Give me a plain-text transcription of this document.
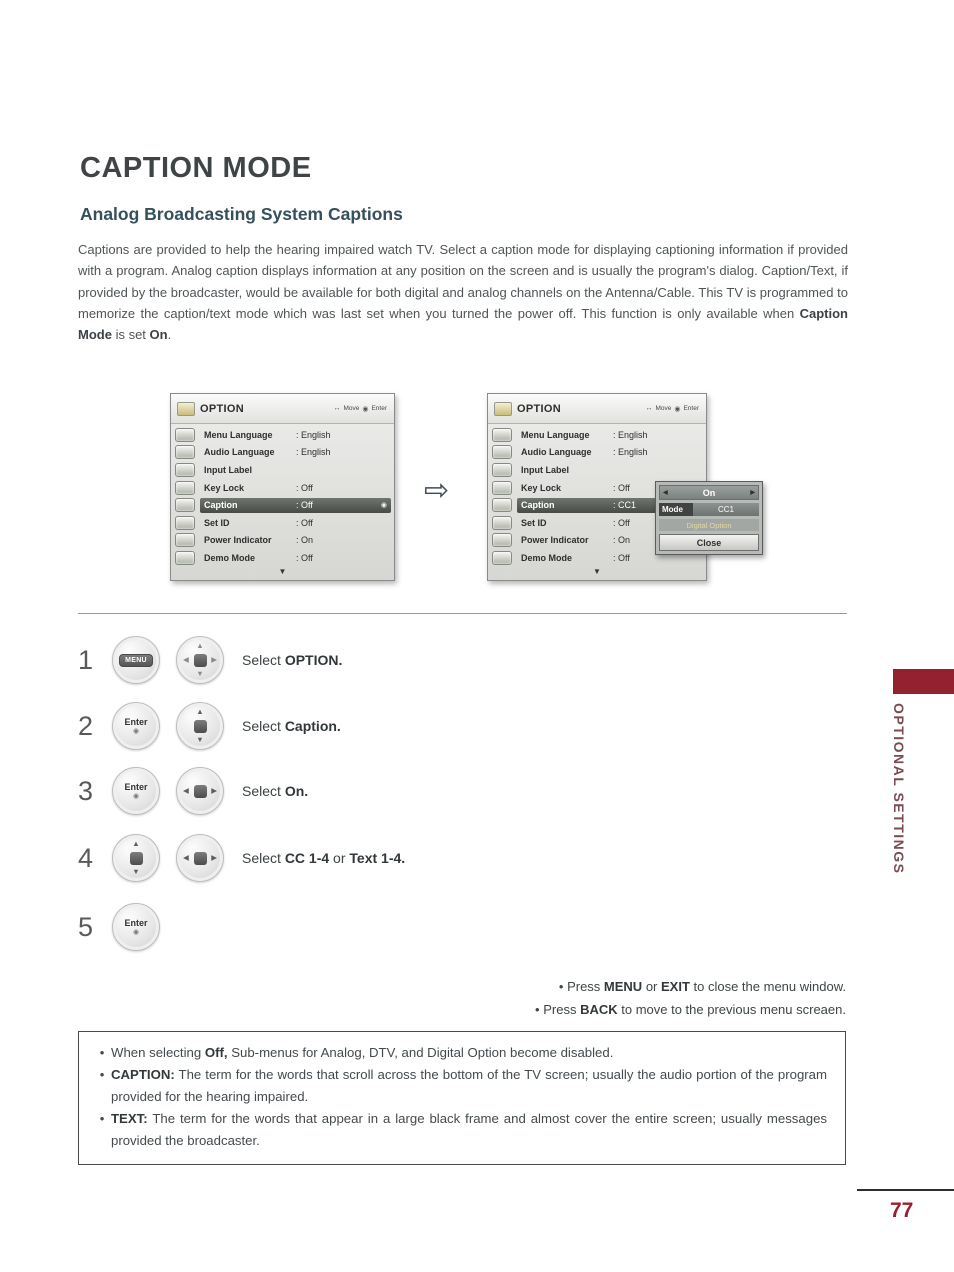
CAPTION MODE
Analog Broadcasting System Captions

Captions are provided to help the hearing impaired watch TV. Select a caption mode for displaying captioning information if provided with a program. Analog caption displays information at any position on the screen and is usually the program's dialog. Caption/Text, if provided by the broadcaster, would be available for both digital and analog channels on the Antenna/Cable. This TV is programmed to memorize the caption/text mode which was last set when you turned the power off. This function is only available when Caption Mode is set On.

OPTION	↔ Move ◉ Enter
Menu Language	: English
Audio Language	: English
Input Label
Key Lock	: Off
Caption	: Off	◉
Set ID	: Off
Power Indicator	: On
Demo Mode	: Off
▼
⇨
OPTION	↔ Move ◉ Enter
Menu Language	: English
Audio Language	: English
Input Label
Key Lock	: Off
Caption	: CC1
Set ID	: Off
Power Indicator	: On
Demo Mode	: Off
▼
◀	On	▶
Mode	CC1
Digital Option
Close
1	MENU
▲
▼
◀	▶ Select OPTION.
2	Enter
◉
▲
▼
Select Caption.
3	Enter
◉
◀	▶ Select On.
4	▲
▼
◀	▶ Select CC 1-4 or Text 1-4.
5	Enter
◉
• Press MENU or EXIT to close the menu window.
• Press BACK to move to the previous menu screaen.
• When selecting Off, Sub-menus for Analog, DTV, and Digital Option become disabled.
• CAPTION: The term for the words that scroll across the bottom of the TV screen; usually the audio portion of the program provided for the hearing impaired.
• TEXT: The term for the words that appear in a large black frame and almost cover the entire screen; usually messages provided the broadcaster.
OPTIONAL SETTINGS
77
